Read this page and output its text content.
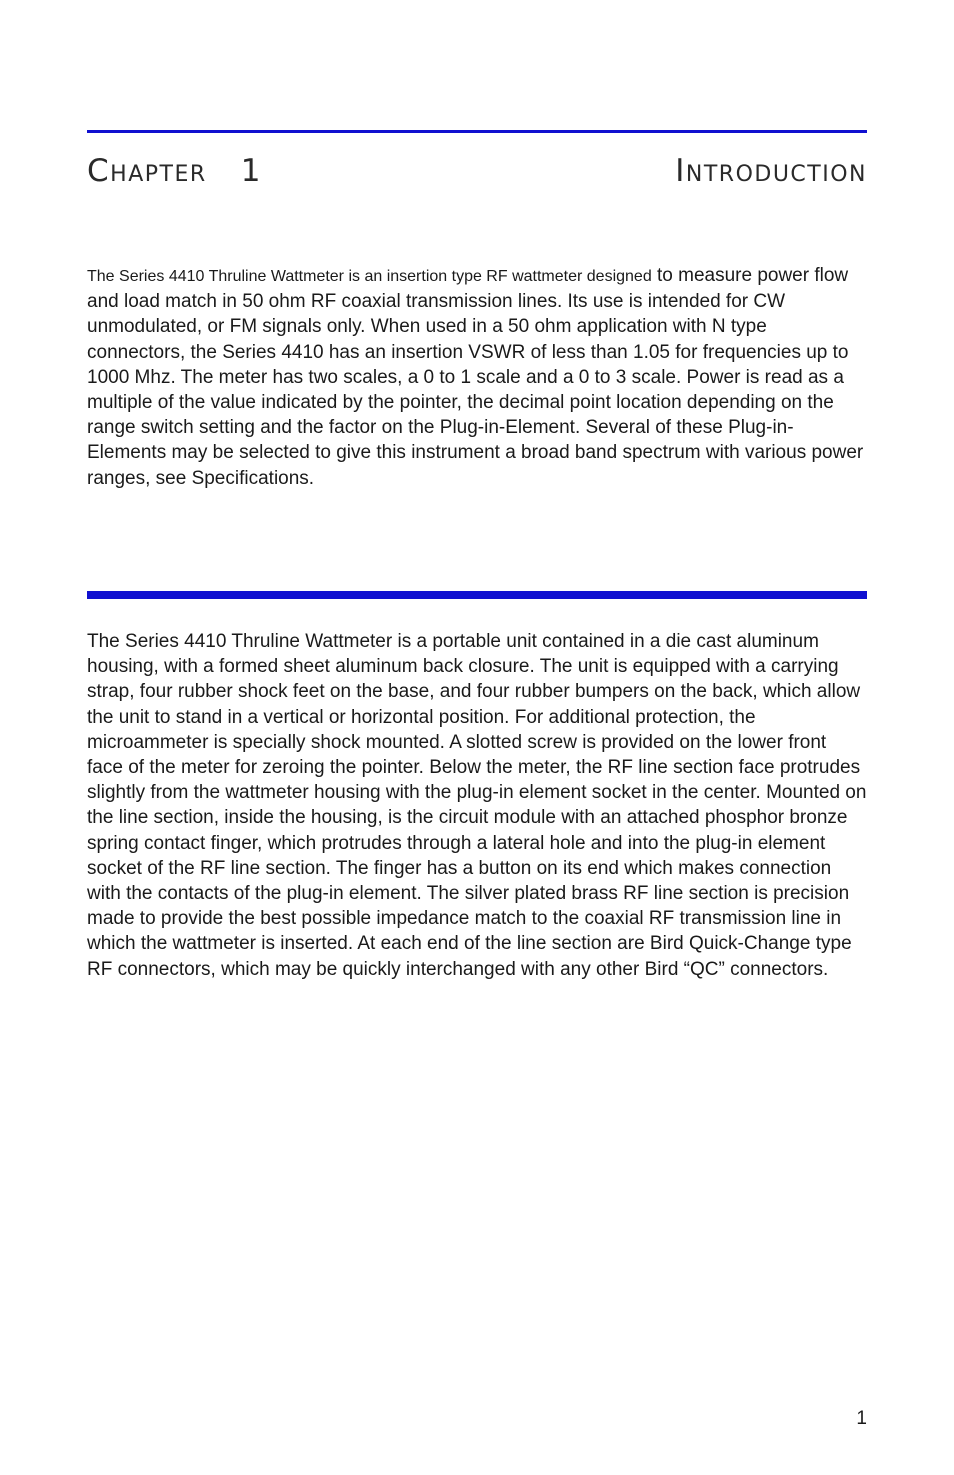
Chapter   1	Introduction

The Series 4410 Thruline Wattmeter is an insertion type RF wattmeter designed to measure power flow and load match in 50 ohm RF coaxial transmission lines. Its use is intended for CW unmodulated, or FM signals only. When used in a 50 ohm application with N type connectors, the Series 4410 has an insertion VSWR of less than 1.05 for frequencies up to 1000 Mhz. The meter has two scales, a 0 to 1 scale and a 0 to 3 scale. Power is read as a multiple of the value indicated by the pointer, the decimal point location depending on the range switch setting and the factor on the Plug-in-Element. Several of these Plug-in-Elements may be selected to give this instrument a broad band spectrum with various power ranges, see Specifications.

The Series 4410 Thruline Wattmeter is a portable unit contained in a die cast aluminum housing, with a formed sheet aluminum back closure. The unit is equipped with a carrying strap, four rubber shock feet on the base, and four rubber bumpers on the back, which allow the unit to stand in a vertical or horizontal position. For additional protection, the microammeter is specially shock mounted. A slotted screw is provided on the lower front face of the meter for zeroing the pointer. Below the meter, the RF line section face protrudes slightly from the wattmeter housing with the plug-in element socket in the center. Mounted on the line section, inside the housing, is the circuit module with an attached phosphor bronze spring contact finger, which protrudes through a lateral hole and into the plug-in element socket of the RF line section. The finger has a button on its end which makes connection with the contacts of the plug-in element. The silver plated brass RF line section is precision made to provide the best possible impedance match to the coaxial RF transmission line in which the wattmeter is inserted. At each end of the line section are Bird Quick-Change type RF connectors, which may be quickly interchanged with any other Bird “QC” connectors.

1
